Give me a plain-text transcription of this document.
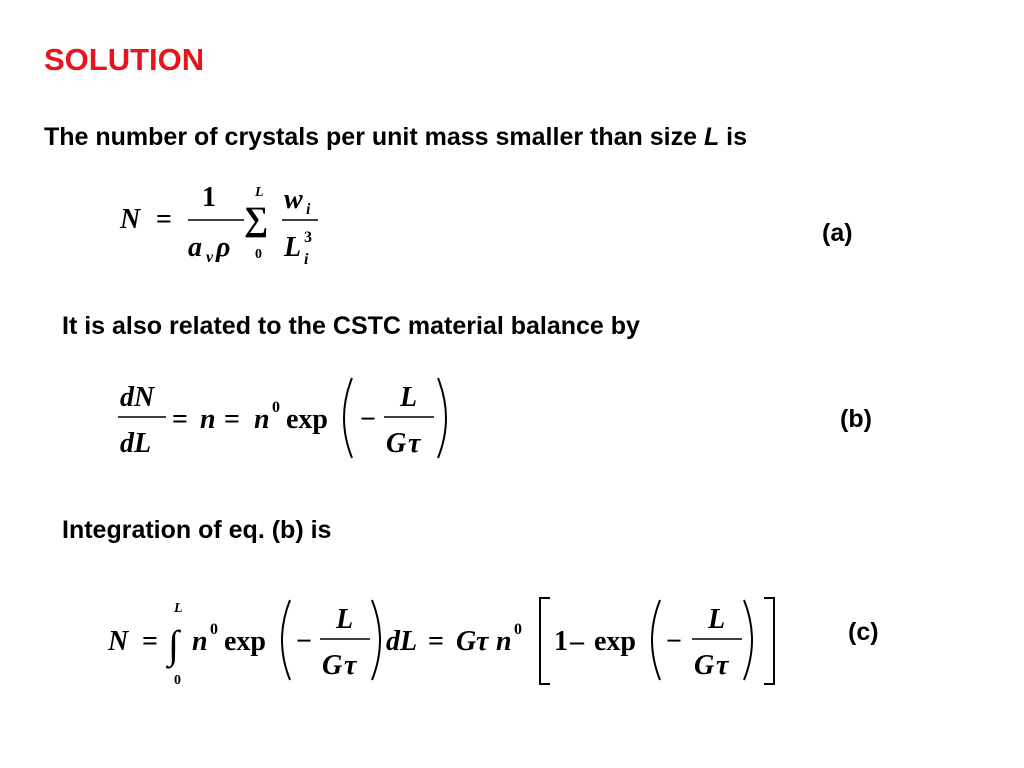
SOLUTION
The number of crystals per unit mass smaller than size L is
N =
1
a v ρ
L
∑
0
w i
L 3
i
(a)
It is also related to the CSTC material balance by
dN
dL
= n = n 0 exp −
L
G τ
(b)
Integration of eq. (b) is
N =
L
∫
0
n 0 exp −
L
G τ
dL = G τ n 0 1 – exp −
L
G τ
(c)
